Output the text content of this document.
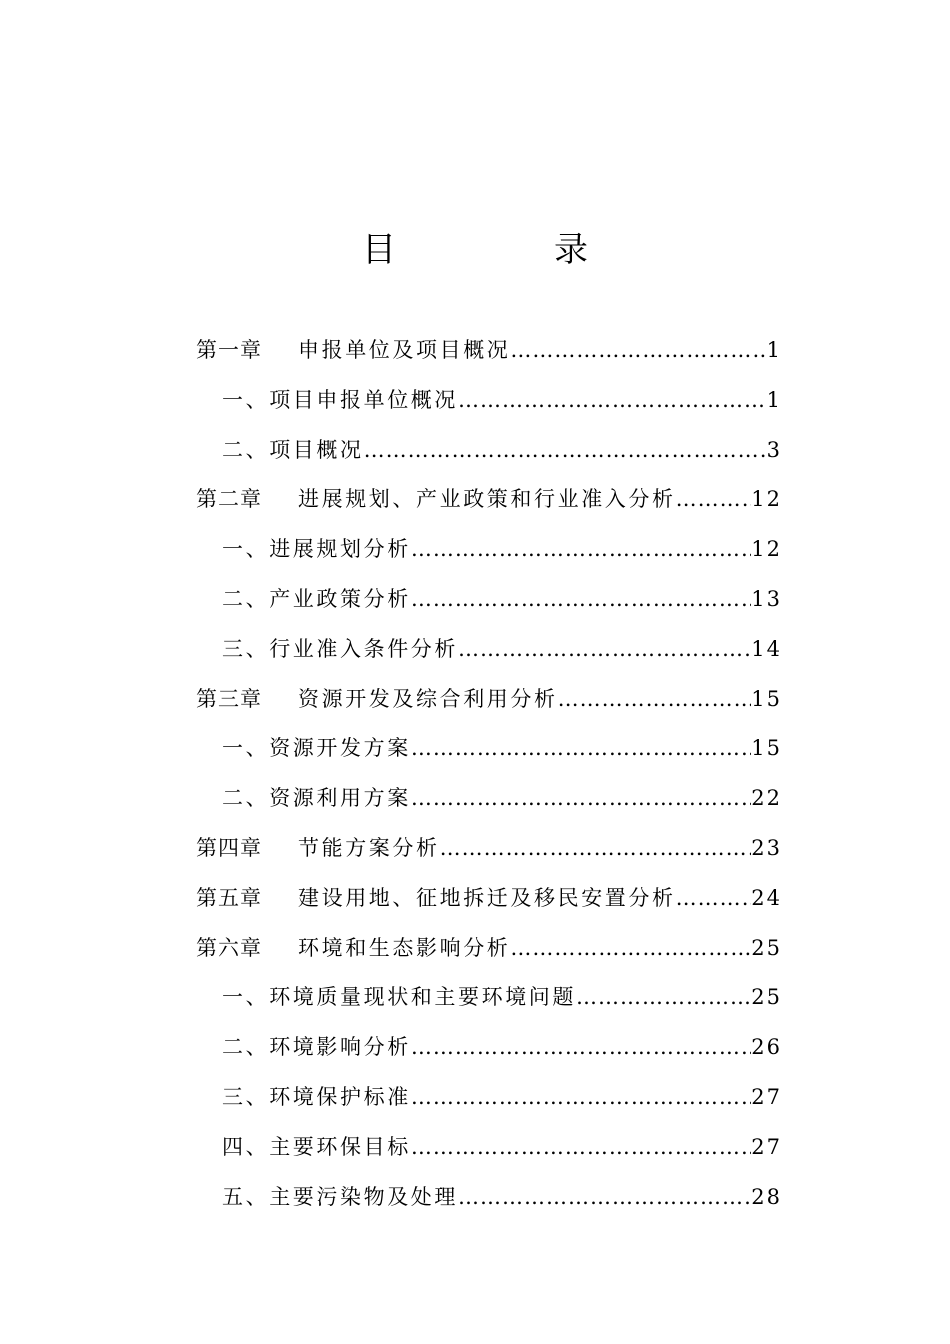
目　录
第一章 申报单位及项目概况 …………………………………………………………………………………………………………………………	1
一、项目申报单位概况 …………………………………………………………………………………………………………………………	1
二、项目概况 …………………………………………………………………………………………………………………………	3
第二章 进展规划、产业政策和行业准入分析 …………………………………………………………………………………………………………………………	12
一、进展规划分析 …………………………………………………………………………………………………………………………	12
二、产业政策分析 …………………………………………………………………………………………………………………………	13
三、行业准入条件分析 …………………………………………………………………………………………………………………………	14
第三章 资源开发及综合利用分析 …………………………………………………………………………………………………………………………	15
一、资源开发方案 …………………………………………………………………………………………………………………………	15
二、资源利用方案 …………………………………………………………………………………………………………………………	22
第四章 节能方案分析 …………………………………………………………………………………………………………………………	23
第五章 建设用地、征地拆迁及移民安置分析 …………………………………………………………………………………………………………………………	24
第六章 环境和生态影响分析 …………………………………………………………………………………………………………………………	25
一、环境质量现状和主要环境问题 …………………………………………………………………………………………………………………………	25
二、环境影响分析 …………………………………………………………………………………………………………………………	26
三、环境保护标准 …………………………………………………………………………………………………………………………	27
四、主要环保目标 …………………………………………………………………………………………………………………………	27
五、主要污染物及处理 …………………………………………………………………………………………………………………………	28
